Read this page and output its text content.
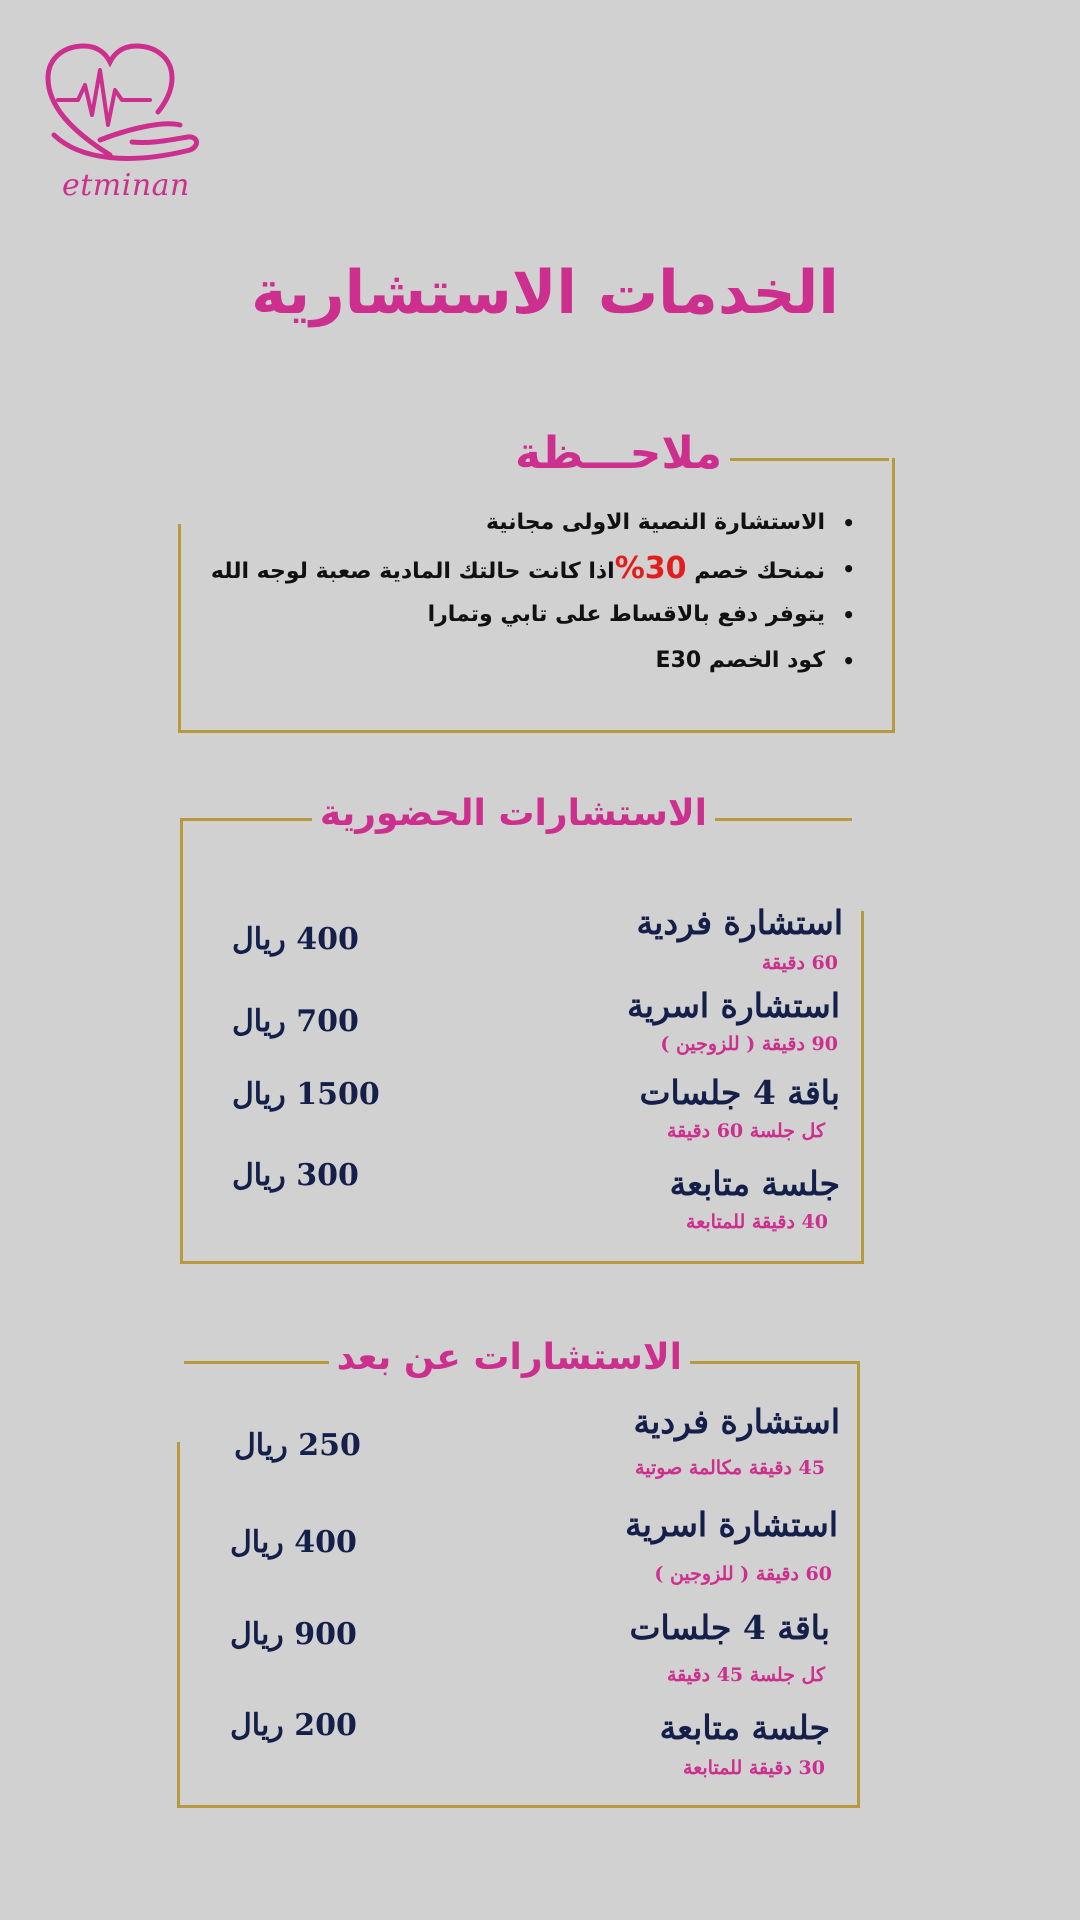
etminan
الخدمات الاستشارية
ملاحـــظة
•
الاستشارة النصية الاولى مجانية
•
نمنحك خصم 30%اذا كانت حالتك المادية صعبة لوجه الله
•
يتوفر دفع بالاقساط على تابي وتمارا
•
كود الخصم E30
الاستشارات الحضورية
استشارة فردية
60 دقيقة
400 ريال
استشارة اسرية
90 دقيقة ( للزوجين )
700 ريال
باقة 4 جلسات
كل جلسة 60 دقيقة
1500 ريال
جلسة متابعة
40 دقيقة للمتابعة
300 ريال
الاستشارات عن بعد
استشارة فردية
45 دقيقة مكالمة صوتية
250 ريال
استشارة اسرية
60 دقيقة ( للزوجين )
400 ريال
باقة 4 جلسات
كل جلسة 45 دقيقة
900 ريال
جلسة متابعة
30 دقيقة للمتابعة
200 ريال
